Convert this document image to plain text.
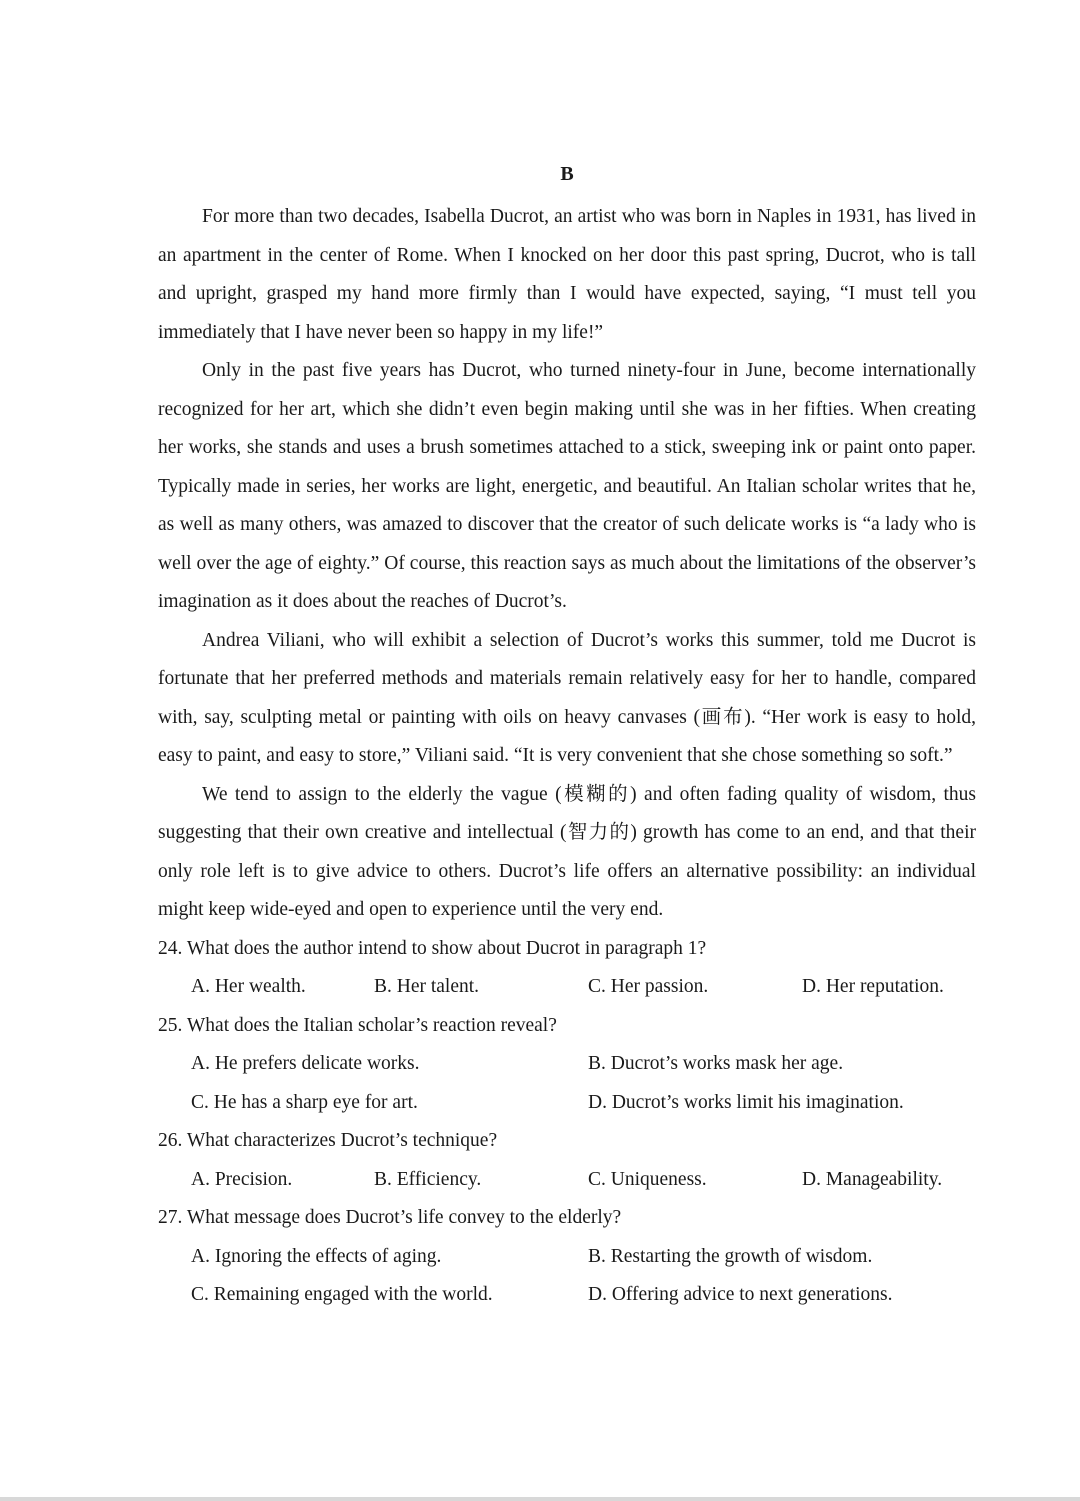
B

For more than two decades, Isabella Ducrot, an artist who was born in Naples in 1931, has lived in an apartment in the center of Rome. When I knocked on her door this past spring, Ducrot, who is tall and upright, grasped my hand more firmly than I would have expected, saying, “I must tell you immediately that I have never been so happy in my life!”

Only in the past five years has Ducrot, who turned ninety-four in June, become internationally recognized for her art, which she didn’t even begin making until she was in her fifties. When creating her works, she stands and uses a brush sometimes attached to a stick, sweeping ink or paint onto paper. Typically made in series, her works are light, energetic, and beautiful. An Italian scholar writes that he, as well as many others, was amazed to discover that the creator of such delicate works is “a lady who is well over the age of eighty.” Of course, this reaction says as much about the limitations of the observer’s imagination as it does about the reaches of Ducrot’s.

Andrea Viliani, who will exhibit a selection of Ducrot’s works this summer, told me Ducrot is fortunate that her preferred methods and materials remain relatively easy for her to handle, compared with, say, sculpting metal or painting with oils on heavy canvases (画布). “Her work is easy to hold, easy to paint, and easy to store,” Viliani said. “It is very convenient that she chose something so soft.”

We tend to assign to the elderly the vague (模糊的) and often fading quality of wisdom, thus suggesting that their own creative and intellectual (智力的) growth has come to an end, and that their only role left is to give advice to others. Ducrot’s life offers an alternative possibility: an individual might keep wide-eyed and open to experience until the very end.

24. What does the author intend to show about Ducrot in paragraph 1?

A. Her wealth.	B. Her talent.	C. Her passion.	D. Her reputation.

25. What does the Italian scholar’s reaction reveal?

A. He prefers delicate works.	B. Ducrot’s works mask her age.
C. He has a sharp eye for art.	D. Ducrot’s works limit his imagination.

26. What characterizes Ducrot’s technique?

A. Precision.	B. Efficiency.	C. Uniqueness.	D. Manageability.

27. What message does Ducrot’s life convey to the elderly?

A. Ignoring the effects of aging.	B. Restarting the growth of wisdom.
C. Remaining engaged with the world.	D. Offering advice to next generations.
